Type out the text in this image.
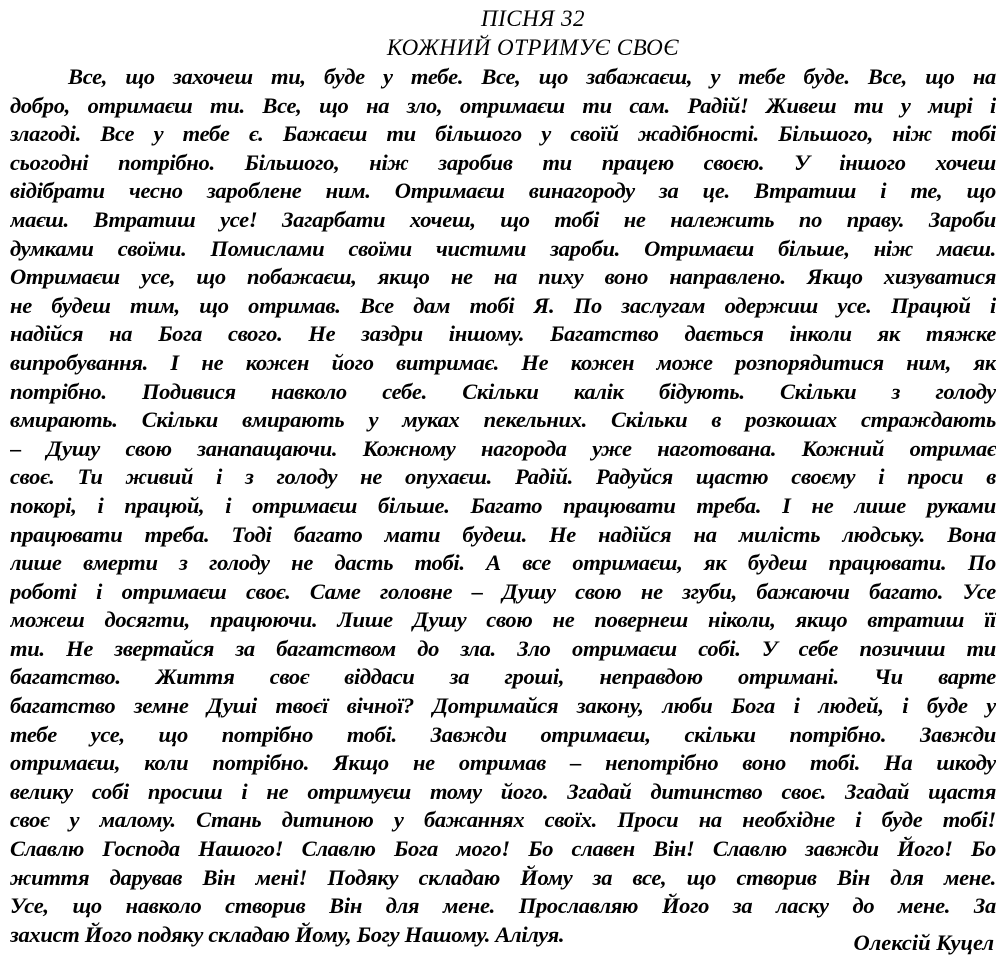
ПІСНЯ 32
КОЖНИЙ ОТРИМУЄ СВОЄ
Все, що захочеш ти, буде у тебе. Все, що забажаєш, у тебе буде. Все, що на
добро, отримаєш ти. Все, що на зло, отримаєш ти сам. Радій! Живеш ти у мирі і
злагоді. Все у тебе є. Бажаєш ти більшого у своїй жадібності. Більшого, ніж тобі
сьогодні потрібно. Більшого, ніж заробив ти працею своєю. У іншого хочеш
відібрати чесно зароблене ним. Отримаєш винагороду за це. Втратиш і те, що
маєш. Втратиш усе! Загарбати хочеш, що тобі не належить по праву. Зароби
думками своїми. Помислами своїми чистими зароби. Отримаєш більше, ніж маєш.
Отримаєш усе, що побажаєш, якщо не на пиху воно направлено. Якщо хизуватися
не будеш тим, що отримав. Все дам тобі Я. По заслугам одержиш усе. Працюй і
надійся на Бога свого. Не заздри іншому. Багатство дається інколи як тяжке
випробування. І не кожен його витримає. Не кожен може розпорядитися ним, як
потрібно. Подивися навколо себе. Скільки калік бідують. Скільки з голоду
вмирають. Скільки вмирають у муках пекельних. Скільки в розкошах страждають
– Душу свою занапащаючи. Кожному нагорода уже наготована. Кожний отримає
своє. Ти живий і з голоду не опухаєш. Радій. Радуйся щастю своєму і проси в
покорі, і працюй, і отримаєш більше. Багато працювати треба. І не лише руками
працювати треба. Тоді багато мати будеш. Не надійся на милість людську. Вона
лише вмерти з голоду не дасть тобі. А все отримаєш, як будеш працювати. По
роботі і отримаєш своє. Саме головне – Душу свою не згуби, бажаючи багато. Усе
можеш досягти, працюючи. Лише Душу свою не повернеш ніколи, якщо втратиш її
ти. Не звертайся за багатством до зла. Зло отримаєш собі. У себе позичиш ти
багатство. Життя своє віддаси за гроші, неправдою отримані. Чи варте
багатство земне Душі твоєї вічної? Дотримайся закону, люби Бога і людей, і буде у
тебе усе, що потрібно тобі. Завжди отримаєш, скільки потрібно. Завжди
отримаєш, коли потрібно. Якщо не отримав – непотрібно воно тобі. На шкоду
велику собі просиш і не отримуєш тому його. Згадай дитинство своє. Згадай щастя
своє у малому. Стань дитиною у бажаннях своїх. Проси на необхідне і буде тобі!
Славлю Господа Нашого! Славлю Бога мого! Бо славен Він! Славлю завжди Його! Бо
життя дарував Він мені! Подяку складаю Йому за все, що створив Він для мене.
Усе, що навколо створив Він для мене. Прославляю Його за ласку до мене. За
захист Його подяку складаю Йому, Богу Нашому. Алілуя.	Олексій Куцел
